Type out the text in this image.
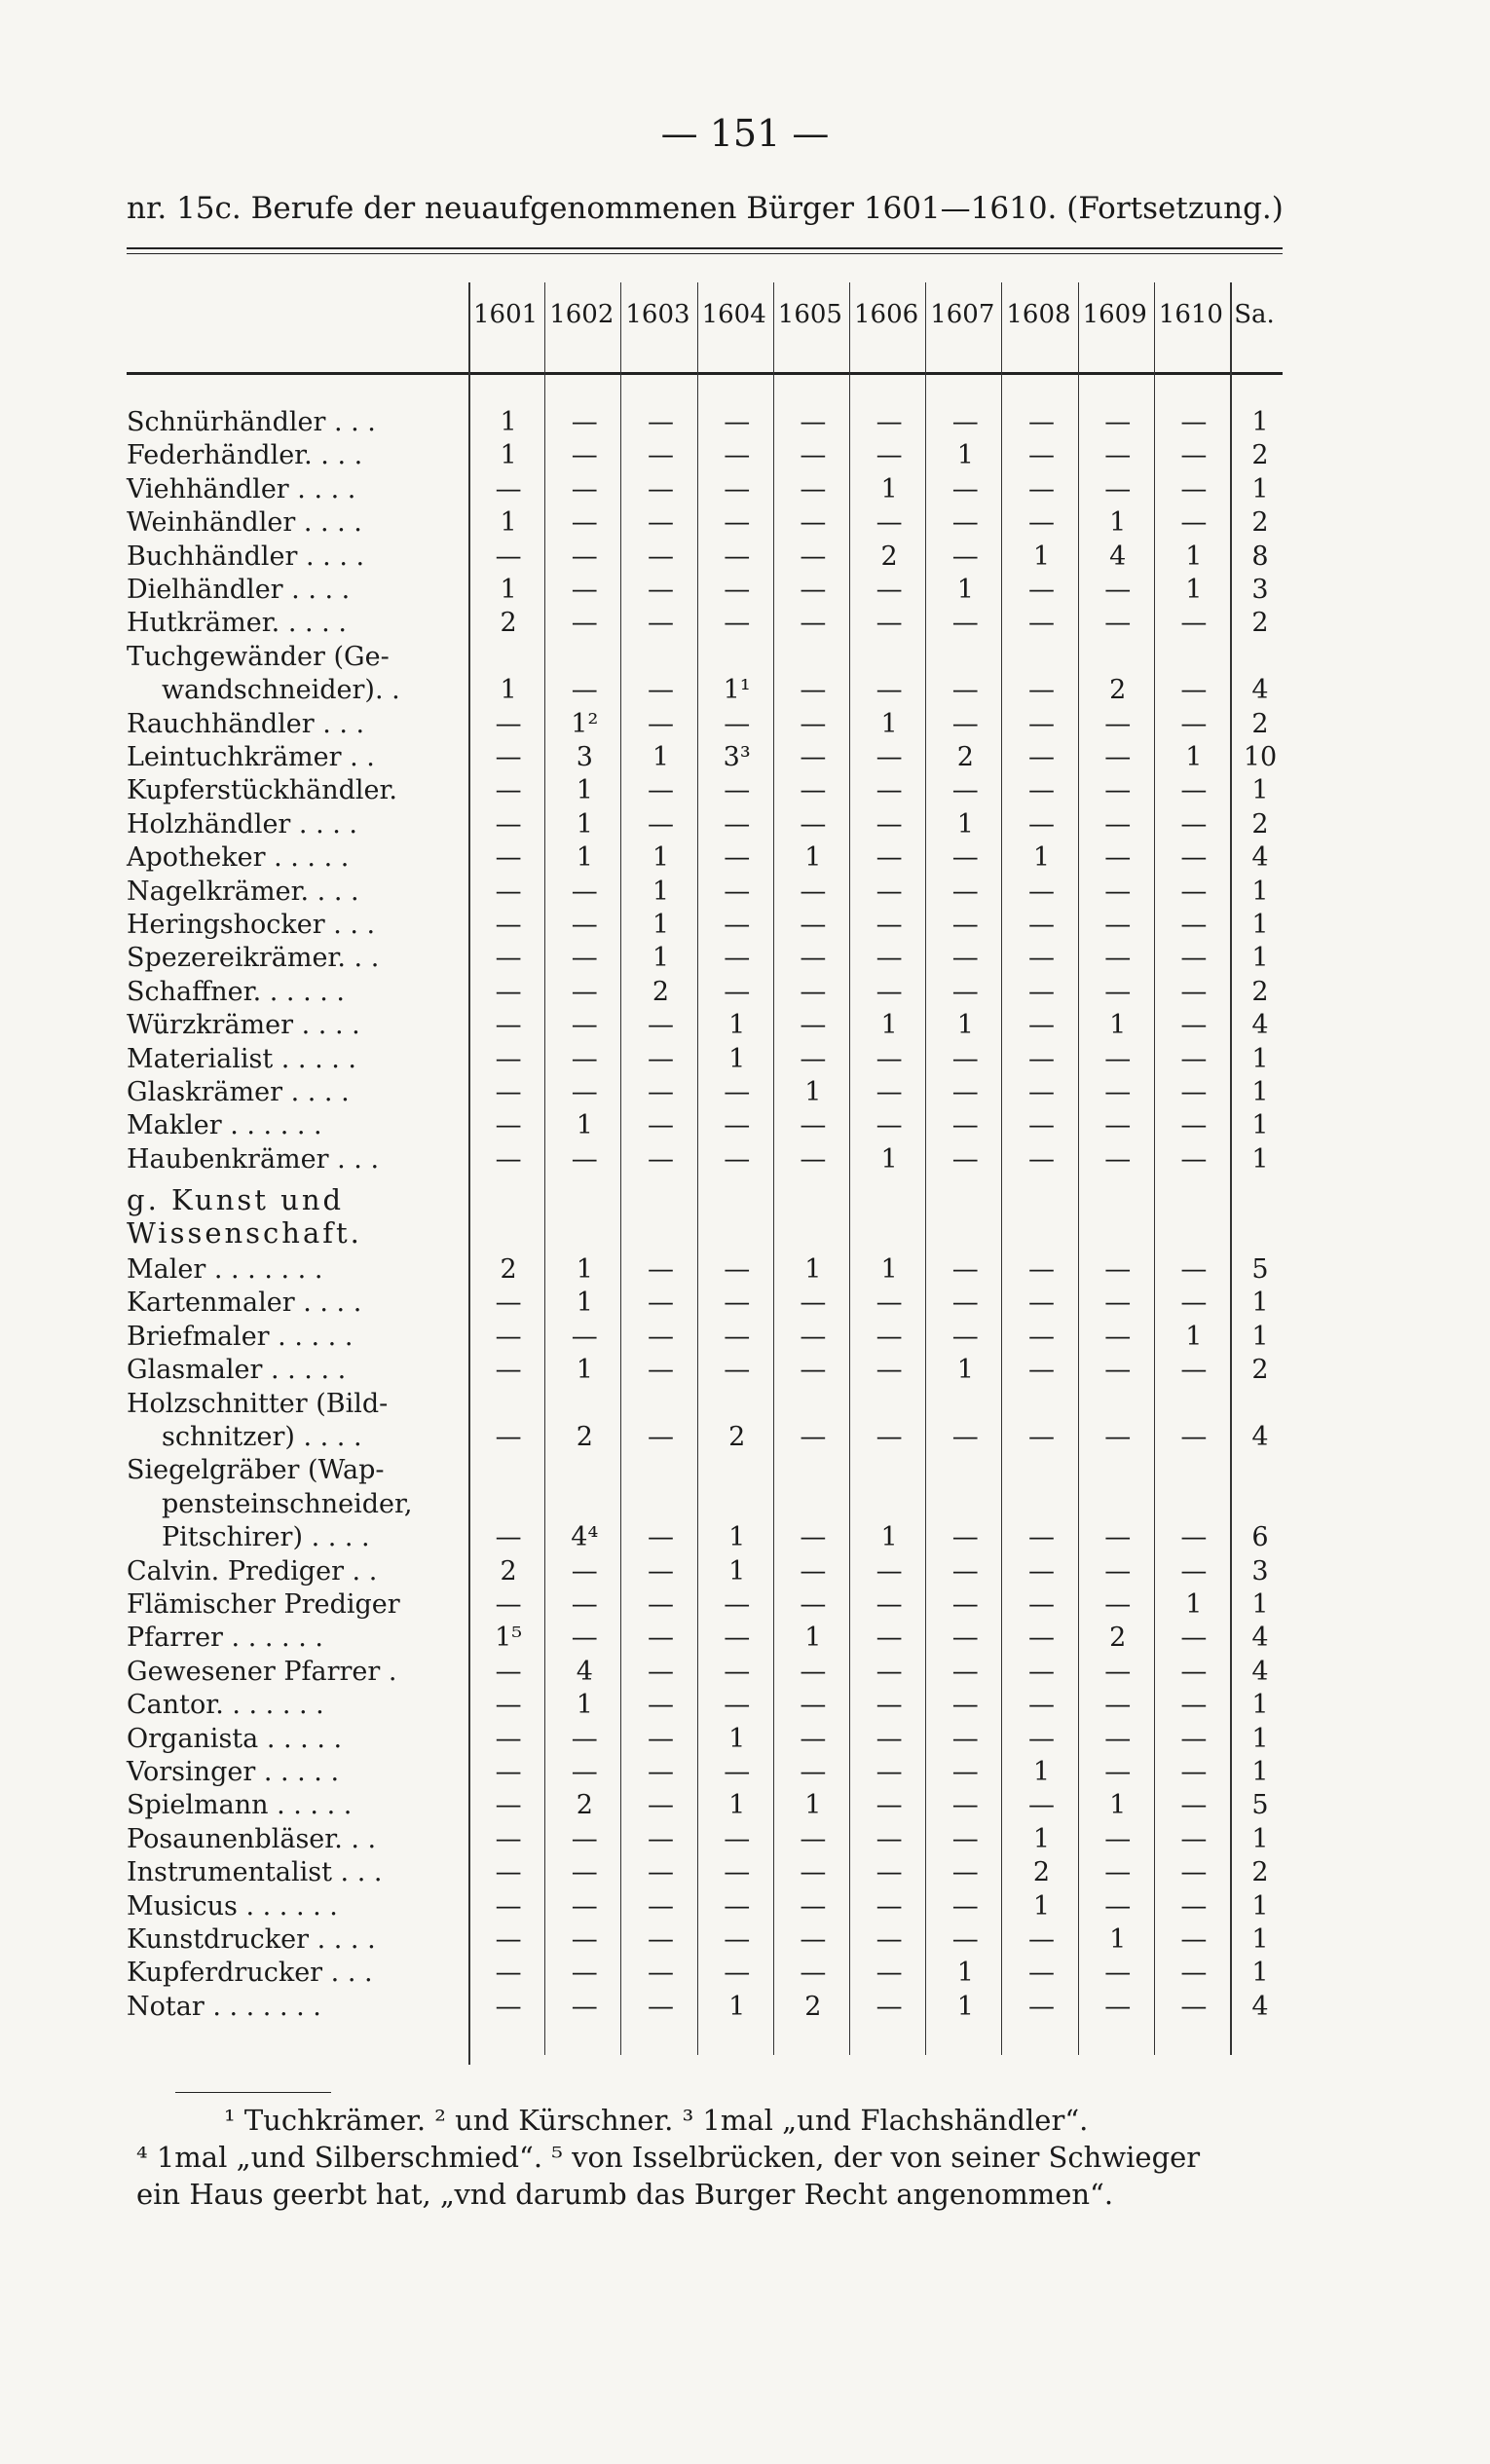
— 151 —
nr. 15c. Berufe der neuaufgenommenen Bürger 1601—1610. (Fortsetzung.)
1601 1602 1603 1604 1605 1606 1607 1608 1609 1610 Sa.
Schnürhändler . . .	1	—	—	—	—	—	—	—	—	—	1
Federhändler. . . .	1	—	—	—	—	—	1	—	—	—	2
Viehhändler . . . .	—	—	—	—	—	1	—	—	—	—	1
Weinhändler . . . .	1	—	—	—	—	—	—	—	1	—	2
Buchhändler . . . .	—	—	—	—	—	2	—	1	4	1	8
Dielhändler . . . .	1	—	—	—	—	—	1	—	—	1	3
Hutkrämer. . . . .	2	—	—	—	—	—	—	—	—	—	2
Tuchgewänder (Ge-
wandschneider). .	1	—	—	1¹	—	—	—	—	2	—	4
Rauchhändler . . .	—	1²	—	—	—	1	—	—	—	—	2
Leintuchkrämer . .	—	3	1	3³	—	—	2	—	—	1	10
Kupferstückhändler.	—	1	—	—	—	—	—	—	—	—	1
Holzhändler . . . .	—	1	—	—	—	—	1	—	—	—	2
Apotheker . . . . .	—	1	1	—	1	—	—	1	—	—	4
Nagelkrämer. . . .	—	—	1	—	—	—	—	—	—	—	1
Heringshocker . . .	—	—	1	—	—	—	—	—	—	—	1
Spezereikrämer. . .	—	—	1	—	—	—	—	—	—	—	1
Schaffner. . . . . .	—	—	2	—	—	—	—	—	—	—	2
Würzkrämer . . . .	—	—	—	1	—	1	1	—	1	—	4
Materialist . . . . .	—	—	—	1	—	—	—	—	—	—	1
Glaskrämer . . . .	—	—	—	—	1	—	—	—	—	—	1
Makler . . . . . .	—	1	—	—	—	—	—	—	—	—	1
Haubenkrämer . . .	—	—	—	—	—	1	—	—	—	—	1
g. Kunst und Wissenschaft.
Maler . . . . . . .	2	1	—	—	1	1	—	—	—	—	5
Kartenmaler . . . .	—	1	—	—	—	—	—	—	—	—	1
Briefmaler . . . . .	—	—	—	—	—	—	—	—	—	1	1
Glasmaler . . . . .	—	1	—	—	—	—	1	—	—	—	2
Holzschnitter (Bild-
schnitzer) . . . .	—	2	—	2	—	—	—	—	—	—	4
Siegelgräber (Wap-
pensteinschneider,
Pitschirer) . . . .	—	4⁴	—	1	—	1	—	—	—	—	6
Calvin. Prediger . .	2	—	—	1	—	—	—	—	—	—	3
Flämischer Prediger	—	—	—	—	—	—	—	—	—	1	1
Pfarrer . . . . . .	1⁵	—	—	—	1	—	—	—	2	—	4
Gewesener Pfarrer .	—	4	—	—	—	—	—	—	—	—	4
Cantor. . . . . . .	—	1	—	—	—	—	—	—	—	—	1
Organista . . . . .	—	—	—	1	—	—	—	—	—	—	1
Vorsinger . . . . .	—	—	—	—	—	—	—	1	—	—	1
Spielmann . . . . .	—	2	—	1	1	—	—	—	1	—	5
Posaunenbläser. . .	—	—	—	—	—	—	—	1	—	—	1
Instrumentalist . . .	—	—	—	—	—	—	—	2	—	—	2
Musicus . . . . . .	—	—	—	—	—	—	—	1	—	—	1
Kunstdrucker . . . .	—	—	—	—	—	—	—	—	1	—	1
Kupferdrucker . . .	—	—	—	—	—	—	1	—	—	—	1
Notar . . . . . . .	—	—	—	1	2	—	1	—	—	—	4
¹ Tuchkrämer. ² und Kürschner. ³ 1mal „und Flachshändler“.
⁴ 1mal „und Silberschmied“. ⁵ von Isselbrücken, der von seiner Schwieger
ein Haus geerbt hat, „vnd darumb das Burger Recht angenommen“.
